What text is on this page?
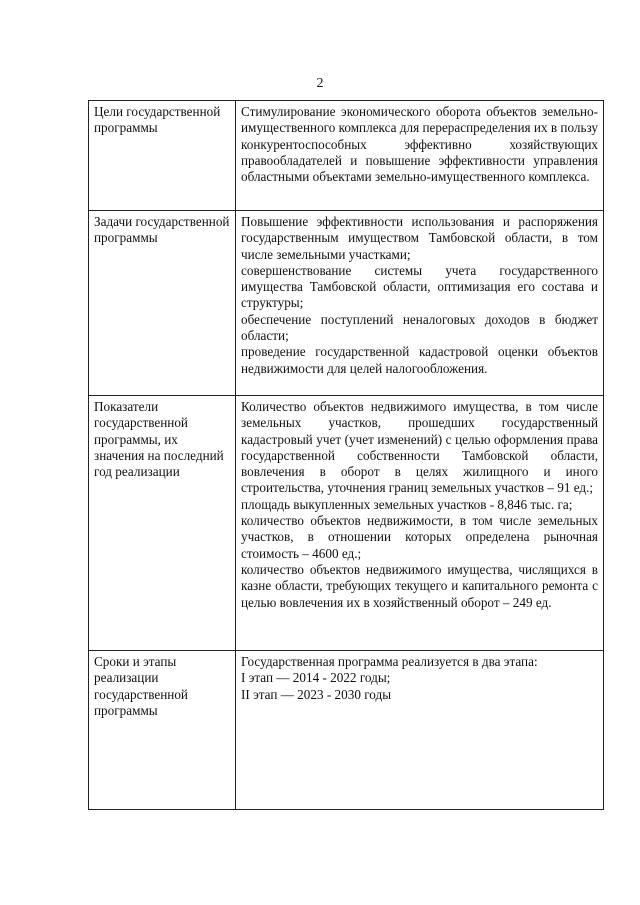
2
Цели государственной программы	Стимулирование экономического оборота объектов земельно-имущественного комплекса для перераспределения их в пользу конкурентоспособных эффективно хозяйствующих правообладателей и повышение эффективности управления областными объектами земельно-имущественного комплекса.

Задачи государственной программы	Повышение эффективности использования и распоряжения государственным имуществом Тамбовской области, в том числе земельными участками;
совершенствование системы учета государственного имущества Тамбовской области, оптимизация его состава и структуры;
обеспечение поступлений неналоговых доходов в бюджет области;
проведение государственной кадастровой оценки объектов недвижимости для целей налогообложения.

Показатели государственной программы, их значения на последний год реализации	Количество объектов недвижимого имущества, в том числе земельных участков, прошедших государственный кадастровый учет (учет изменений) с целью оформления права государственной собственности Тамбовской области, вовлечения в оборот в целях жилищного и иного строительства, уточнения границ земельных участков – 91 ед.;
площадь выкупленных земельных участков - 8,846 тыс. га;
количество объектов недвижимости, в том числе земельных участков, в отношении которых определена рыночная стоимость – 4600 ед.;
количество объектов недвижимого имущества, числящихся в казне области, требующих текущего и капитального ремонта с целью вовлечения их в хозяйственный оборот – 249 ед.

Сроки и этапы реализации государственной программы	Государственная программа реализуется в два этапа:
I этап — 2014 - 2022 годы;
II этап — 2023 - 2030 годы
